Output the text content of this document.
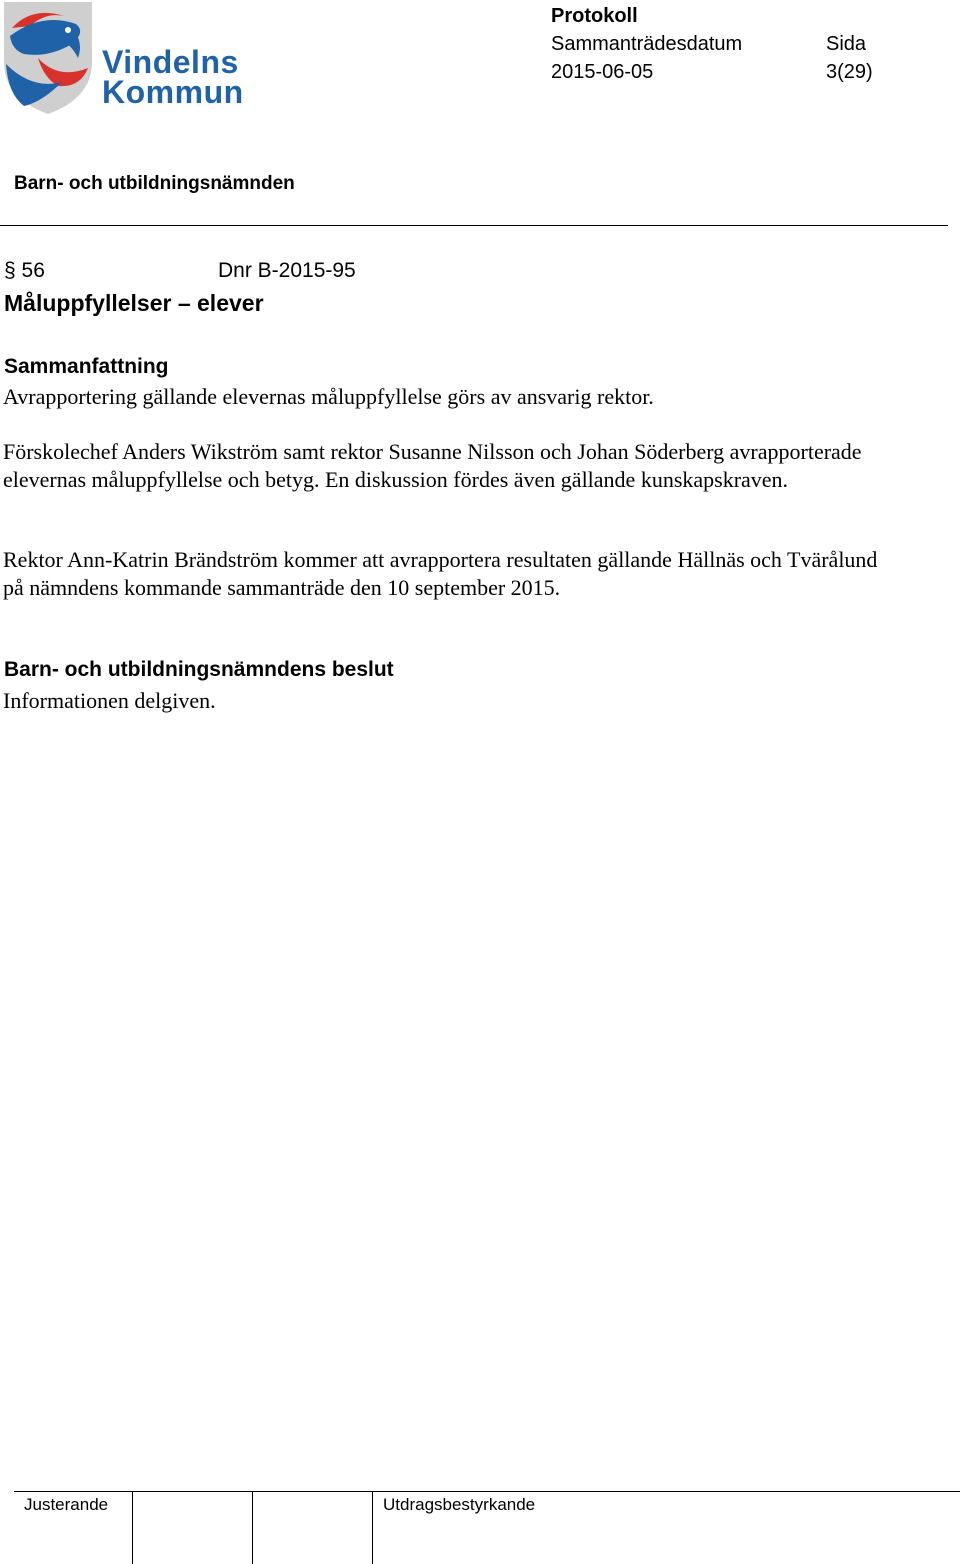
Vindelns
Kommun
Protokoll
Sammanträdesdatum
2015-06-05
Sida
3(29)
Barn- och utbildningsnämnden
§ 56	Dnr B-2015-95
Måluppfyllelser – elever
Sammanfattning

Avrapportering gällande elevernas måluppfyllelse görs av ansvarig rektor.

Förskolechef Anders Wikström samt rektor Susanne Nilsson och Johan Söderberg avrapporterade elevernas måluppfyllelse och betyg. En diskussion fördes även gällande kunskapskraven.

Rektor Ann-Katrin Brändström kommer att avrapportera resultaten gällande Hällnäs och Tvärålund på nämndens kommande sammanträde den 10 september 2015.

Barn- och utbildningsnämndens beslut

Informationen delgiven.

Justerande	Utdragsbestyrkande
